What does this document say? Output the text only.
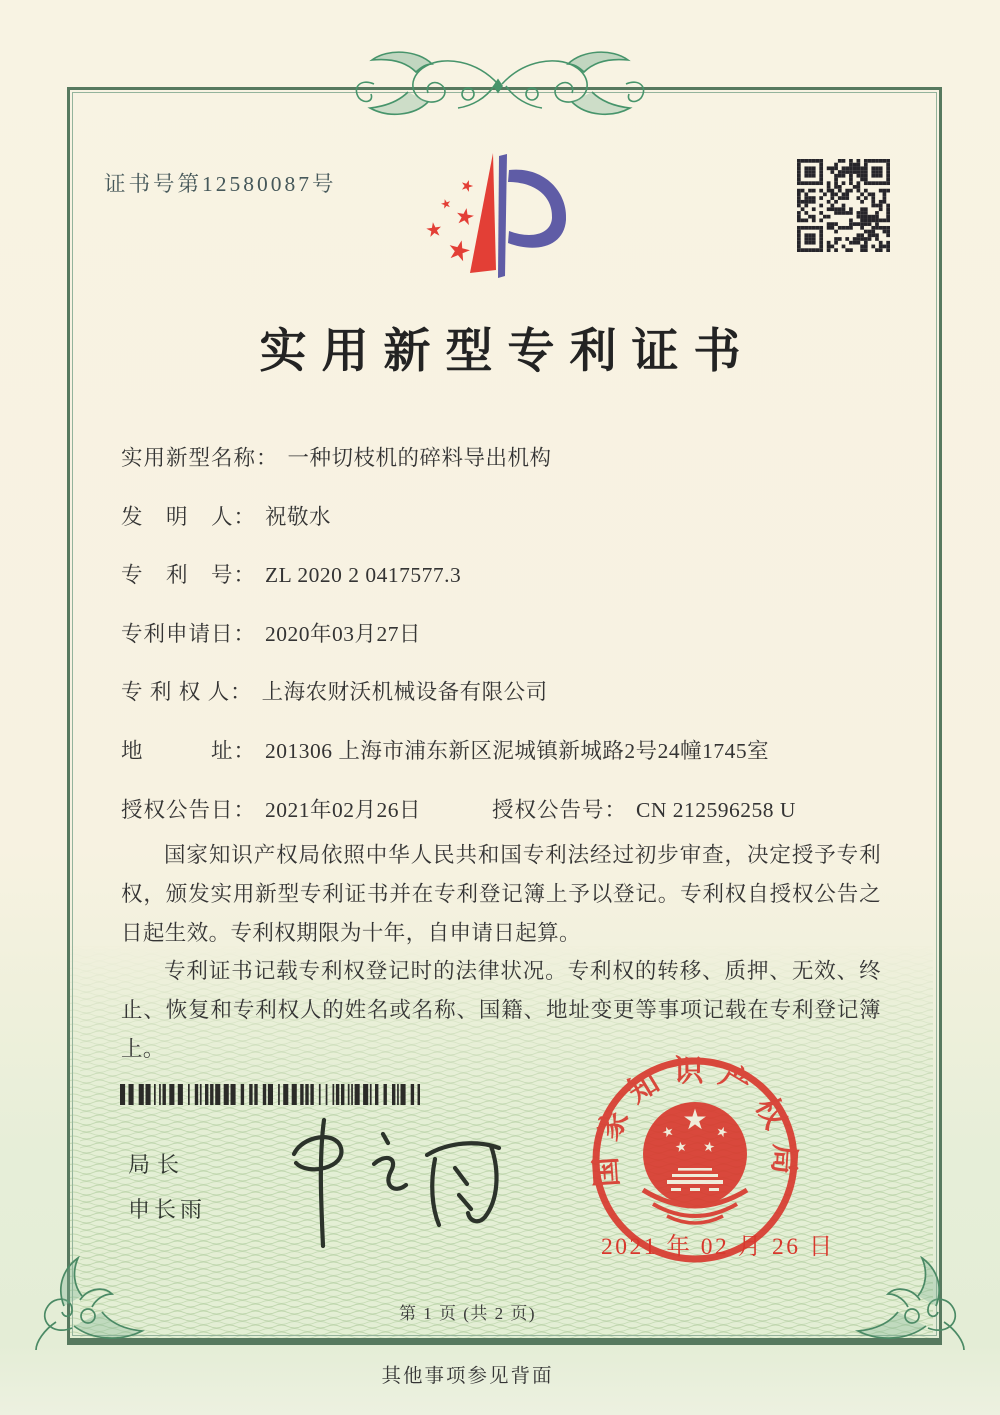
证书号第12580087号
实用新型专利证书
实用新型名称： 一种切枝机的碎料导出机构
发　明　人： 祝敬水
专　利　号： ZL 2020 2 0417577.3
专利申请日： 2020年03月27日
专 利 权 人： 上海农财沃机械设备有限公司
地　　　址： 201306 上海市浦东新区泥城镇新城路2号24幢1745室
授权公告日： 2021年02月26日	授权公告号： CN 212596258 U

国家知识产权局依照中华人民共和国专利法经过初步审查，决定授予专利权，颁发实用新型专利证书并在专利登记簿上予以登记。专利权自授权公告之日起生效。专利权期限为十年，自申请日起算。

专利证书记载专利权登记时的法律状况。专利权的转移、质押、无效、终止、恢复和专利权人的姓名或名称、国籍、地址变更等事项记载在专利登记簿上。

局长
申长雨
国家知识产权局
2021 年 02 月 26 日
第 1 页 (共 2 页)
其他事项参见背面
